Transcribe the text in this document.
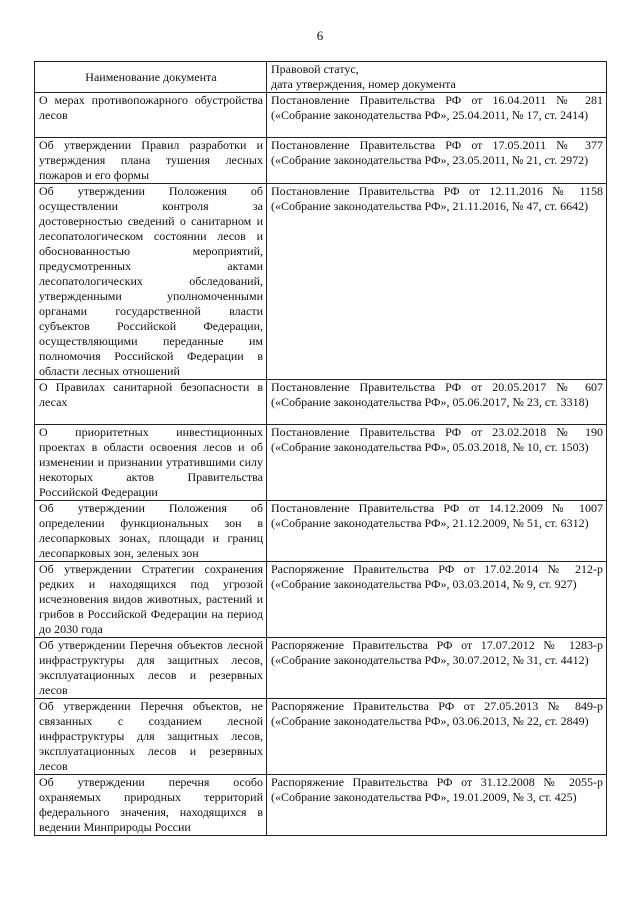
6
Наименование документа	Правовой статус,
дата утверждения, номер документа

О мерах противопожарного обустройства лесов	Постановление Правительства РФ от 16.04.2011 № 281 («Собрание законодательства РФ», 25.04.2011, № 17, ст. 2414)
Об утверждении Правил разработки и утверждения плана тушения лесных пожаров и его формы	Постановление Правительства РФ от 17.05.2011 № 377 («Собрание законодательства РФ», 23.05.2011, № 21, ст. 2972)
Об утверждении Положения об осуществлении контроля за достоверностью сведений о санитарном и лесопатологическом состоянии лесов и обоснованностью мероприятий, предусмотренных актами лесопатологических обследований, утвержденными уполномоченными органами государственной власти субъектов Российской Федерации, осуществляющими переданные им полномочия Российской Федерации в области лесных отношений	Постановление Правительства РФ от 12.11.2016 № 1158 («Собрание законодательства РФ», 21.11.2016, № 47, ст. 6642)
О Правилах санитарной безопасности в лесах	Постановление Правительства РФ от 20.05.2017 № 607 («Собрание законодательства РФ», 05.06.2017, № 23, ст. 3318)
О приоритетных инвестиционных проектах в области освоения лесов и об изменении и признании утратившими силу некоторых актов Правительства Российской Федерации	Постановление Правительства РФ от 23.02.2018 № 190 («Собрание законодательства РФ», 05.03.2018, № 10, ст. 1503)
Об утверждении Положения об определении функциональных зон в лесопарковых зонах, площади и границ лесопарковых зон, зеленых зон	Постановление Правительства РФ от 14.12.2009 № 1007 («Собрание законодательства РФ», 21.12.2009, № 51, ст. 6312)
Об утверждении Стратегии сохранения редких и находящихся под угрозой исчезновения видов животных, растений и грибов в Российской Федерации на период до 2030 года	Распоряжение Правительства РФ от 17.02.2014 № 212-р («Собрание законодательства РФ», 03.03.2014, № 9, ст. 927)
Об утверждении Перечня объектов лесной инфраструктуры для защитных лесов, эксплуатационных лесов и резервных лесов	Распоряжение Правительства РФ от 17.07.2012 № 1283-р («Собрание законодательства РФ», 30.07.2012, № 31, ст. 4412)
Об утверждении Перечня объектов, не связанных с созданием лесной инфраструктуры для защитных лесов, эксплуатационных лесов и резервных лесов	Распоряжение Правительства РФ от 27.05.2013 № 849-р («Собрание законодательства РФ», 03.06.2013, № 22, ст. 2849)
Об утверждении перечня особо охраняемых природных территорий федерального значения, находящихся в ведении Минприроды России	Распоряжение Правительства РФ от 31.12.2008 № 2055-р («Собрание законодательства РФ», 19.01.2009, № 3, ст. 425)
